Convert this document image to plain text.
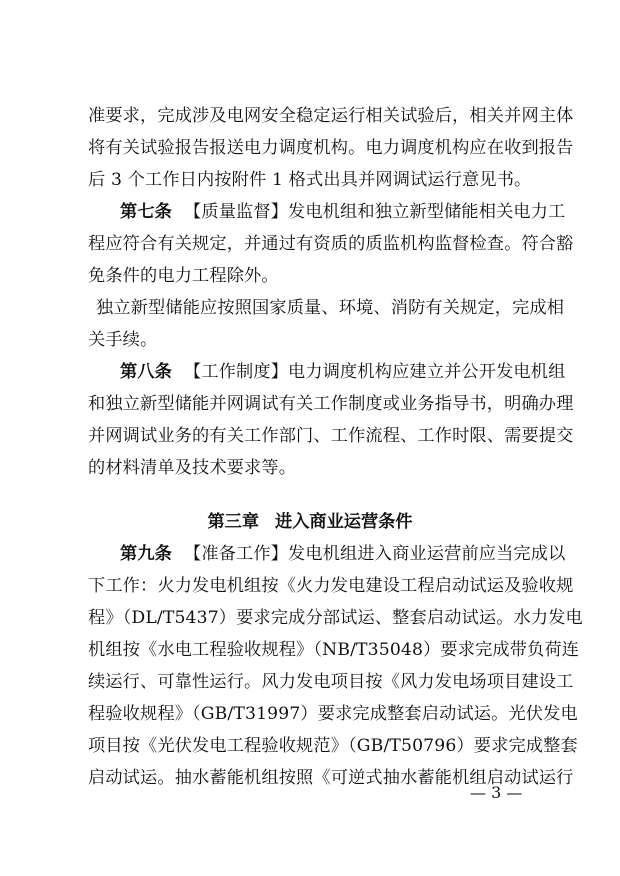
准要求，完成涉及电网安全稳定运行相关试验后，相关并网主体
将有关试验报告报送电力调度机构。电力调度机构应在收到报告
后 3 个工作日内按附件 1 格式出具并网调试运行意见书。
第七条 【质量监督】发电机组和独立新型储能相关电力工
程应符合有关规定，并通过有资质的质监机构监督检查。符合豁
免条件的电力工程除外。
独立新型储能应按照国家质量、环境、消防有关规定，完成相
关手续。
第八条 【工作制度】电力调度机构应建立并公开发电机组
和独立新型储能并网调试有关工作制度或业务指导书，明确办理
并网调试业务的有关工作部门、工作流程、工作时限、需要提交
的材料清单及技术要求等。
第三章 进入商业运营条件
第九条 【准备工作】发电机组进入商业运营前应当完成以
下工作：火力发电机组按《火力发电建设工程启动试运及验收规
程》（DL/T5437）要求完成分部试运、整套启动试运。水力发电
机组按《水电工程验收规程》（NB/T35048）要求完成带负荷连
续运行、可靠性运行。风力发电项目按《风力发电场项目建设工
程验收规程》（GB/T31997）要求完成整套启动试运。光伏发电
项目按《光伏发电工程验收规范》（GB/T50796）要求完成整套
启动试运。抽水蓄能机组按照《可逆式抽水蓄能机组启动试运行
— 3 —
